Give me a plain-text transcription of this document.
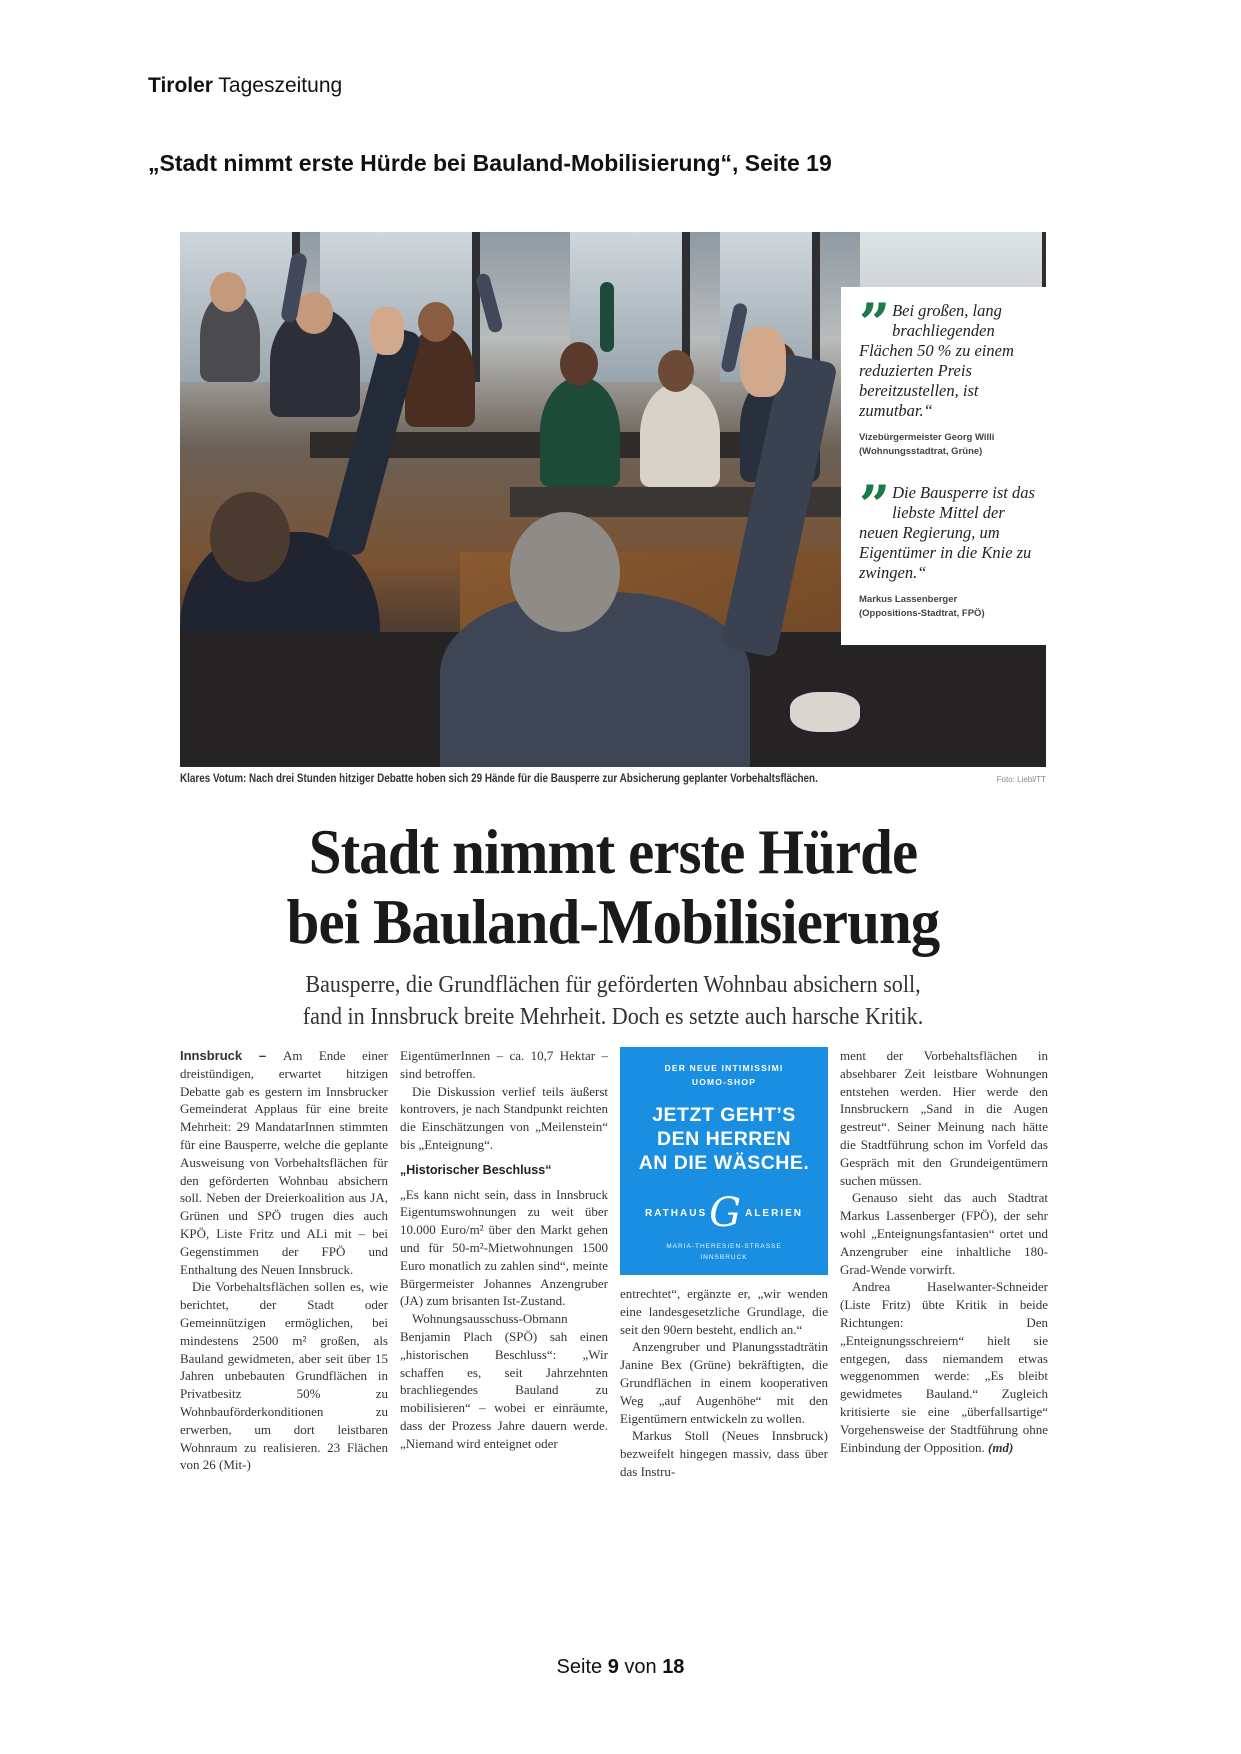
Tiroler Tageszeitung
„Stadt nimmt erste Hürde bei Bauland-Mobilisierung“, Seite 19
” Bei großen, lang brachliegenden Flächen 50 % zu einem reduzierten Preis bereitzustellen, ist zumutbar.“
Vizebürgermeister Georg Willi
(Wohnungsstadtrat, Grüne)
” Die Bausperre ist das liebste Mittel der neuen Regierung, um Eigentümer in die Knie zu zwingen.“
Markus Lassenberger
(Oppositions-Stadtrat, FPÖ)
Klares Votum: Nach drei Stunden hitziger Debatte hoben sich 29 Hände für die Bausperre zur Absicherung geplanter Vorbehaltsflächen.	Foto: Liebl/TT
Stadt nimmt erste Hürde
bei Bauland-Mobilisierung
Bausperre, die Grundflächen für geförderten Wohnbau absichern soll,
fand in Innsbruck breite Mehrheit. Doch es setzte auch harsche Kritik.

Innsbruck – Am Ende einer dreistündigen, erwartet hitzigen Debatte gab es gestern im Innsbrucker Gemeinderat Applaus für eine breite Mehrheit: 29 MandatarInnen stimmten für eine Bausperre, welche die geplante Ausweisung von Vorbehaltsflächen für den geförderten Wohnbau absichern soll. Neben der Dreierkoalition aus JA, Grünen und SPÖ trugen dies auch KPÖ, Liste Fritz und ALi mit – bei Gegenstimmen der FPÖ und Enthaltung des Neuen Innsbruck.

Die Vorbehaltsflächen sollen es, wie berichtet, der Stadt oder Gemeinnützigen ermöglichen, bei mindestens 2500 m² großen, als Bauland gewidmeten, aber seit über 15 Jahren unbebauten Grundflächen in Privatbesitz 50% zu Wohnbauförderkonditionen zu erwerben, um dort leistbaren Wohnraum zu realisieren. 23 Flächen von 26 (Mit-)

EigentümerInnen – ca. 10,7 Hektar – sind betroffen.

Die Diskussion verlief teils äußerst kontrovers, je nach Standpunkt reichten die Einschätzungen von „Meilenstein“ bis „Enteignung“.

„Historischer Beschluss“

„Es kann nicht sein, dass in Innsbruck Eigentumswohnungen zu weit über 10.000 Euro/m² über den Markt gehen und für 50-m²-Mietwohnungen 1500 Euro monatlich zu zahlen sind“, meinte Bürgermeister Johannes Anzengruber (JA) zum brisanten Ist-Zustand.

Wohnungsausschuss-Obmann Benjamin Plach (SPÖ) sah einen „historischen Beschluss“: „Wir schaffen es, seit Jahrzehnten brachliegendes Bauland zu mobilisieren“ – wobei er einräumte, dass der Prozess Jahre dauern werde. „Niemand wird enteignet oder

DER NEUE INTIMISSIMI
UOMO-SHOP
JETZT GEHT’S
DEN HERREN
AN DIE WÄSCHE.
RATHAUS G ALERIEN
MARIA-THERESIEN-STRASSE
INNSBRUCK

entrechtet“, ergänzte er, „wir wenden eine landesgesetzliche Grundlage, die seit den 90ern besteht, endlich an.“

Anzengruber und Planungsstadträtin Janine Bex (Grüne) bekräftigten, die Grundflächen in einem kooperativen Weg „auf Augenhöhe“ mit den Eigentümern entwickeln zu wollen.

Markus Stoll (Neues Innsbruck) bezweifelt hingegen massiv, dass über das Instru-

ment der Vorbehaltsflächen in absehbarer Zeit leistbare Wohnungen entstehen werden. Hier werde den Innsbruckern „Sand in die Augen gestreut“. Seiner Meinung nach hätte die Stadtführung schon im Vorfeld das Gespräch mit den Grundeigentümern suchen müssen.

Genauso sieht das auch Stadtrat Markus Lassenberger (FPÖ), der sehr wohl „Enteignungsfantasien“ ortet und Anzengruber eine inhaltliche 180-Grad-Wende vorwirft.

Andrea Haselwanter-Schneider (Liste Fritz) übte Kritik in beide Richtungen: Den „Enteignungsschreiern“ hielt sie entgegen, dass niemandem etwas weggenommen werde: „Es bleibt gewidmetes Bauland.“ Zugleich kritisierte sie eine „überfallsartige“ Vorgehensweise der Stadtführung ohne Einbindung der Opposition. (md)

Seite 9 von 18
